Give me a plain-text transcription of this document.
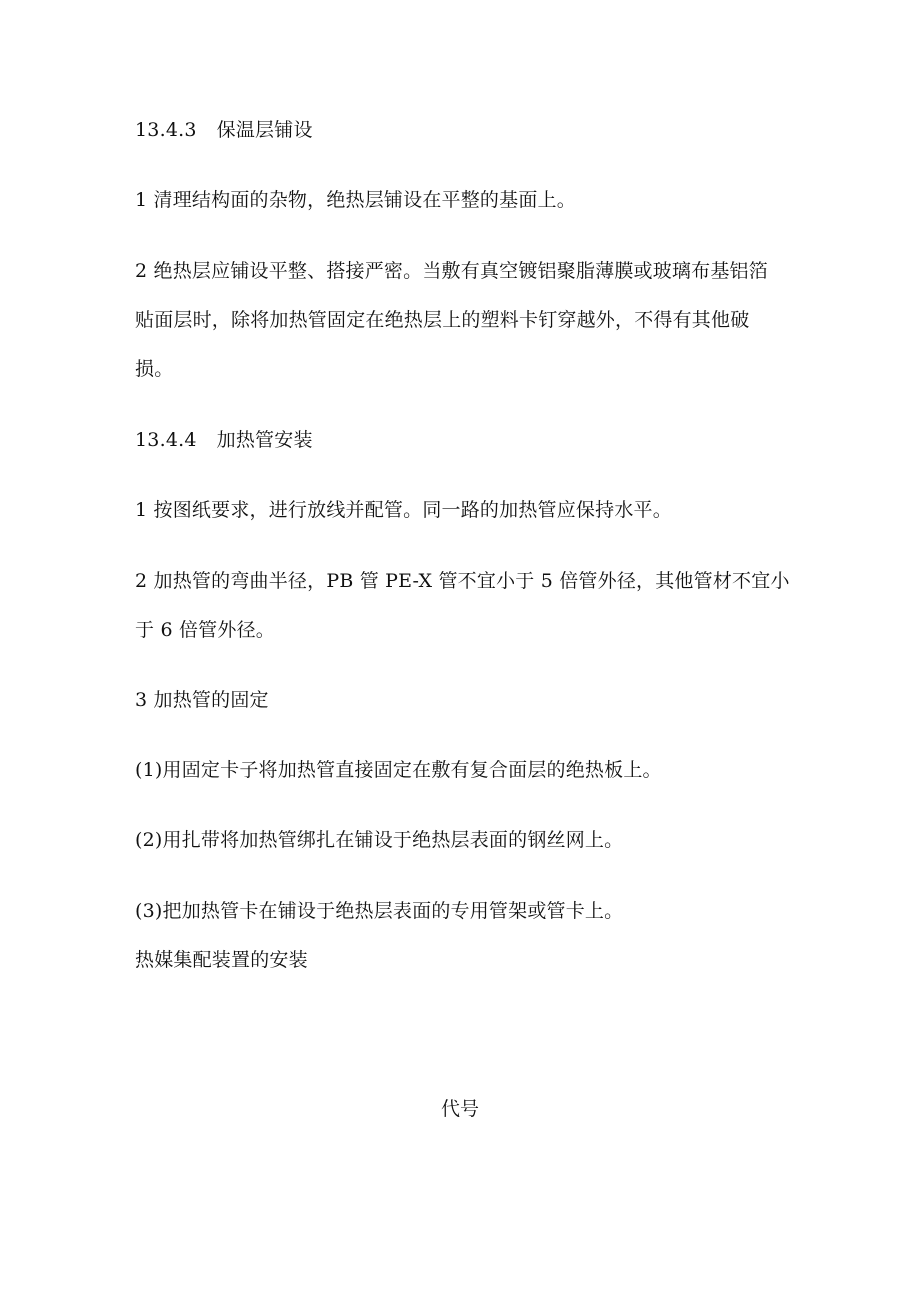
13.4.3 保温层铺设
1 清理结构面的杂物，绝热层铺设在平整的基面上。
2 绝热层应铺设平整、搭接严密。当敷有真空镀铝聚脂薄膜或玻璃布基铝箔
贴面层时，除将加热管固定在绝热层上的塑料卡钉穿越外，不得有其他破
损。
13.4.4 加热管安装
1 按图纸要求，进行放线并配管。同一路的加热管应保持水平。
2 加热管的弯曲半径，PB 管 PE-X 管不宜小于 5 倍管外径，其他管材不宜小
于 6 倍管外径。
3 加热管的固定
(1)用固定卡子将加热管直接固定在敷有复合面层的绝热板上。
(2)用扎带将加热管绑扎在铺设于绝热层表面的钢丝网上。
(3)把加热管卡在铺设于绝热层表面的专用管架或管卡上。
热媒集配装置的安装
代号
